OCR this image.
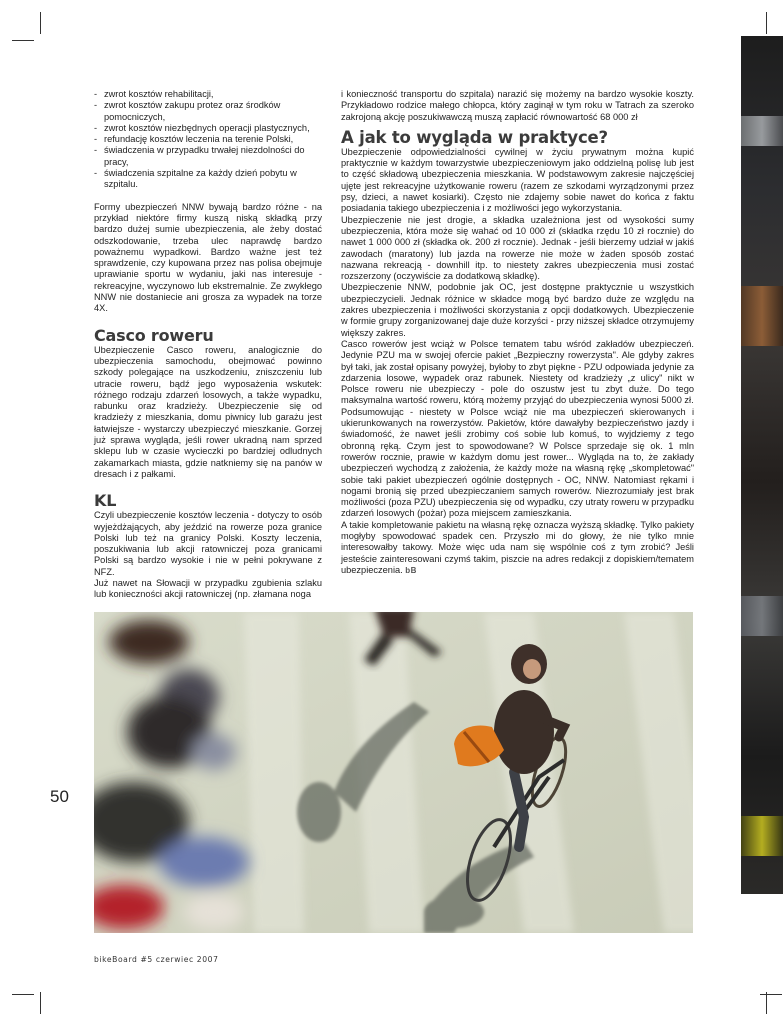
- zwrot kosztów rehabilitacji,
- zwrot kosztów zakupu protez oraz środków pomocniczych,
- zwrot kosztów niezbędnych operacji plastycznych,
- refundację kosztów leczenia na terenie Polski,
- świadczenia w przypadku trwałej niezdolności do pracy,
- świadczenia szpitalne za każdy dzień pobytu w szpitalu.

Formy ubezpieczeń NNW bywają bardzo różne - na przykład niektóre firmy kuszą niską składką przy bardzo dużej sumie ubezpieczenia, ale żeby dostać odszkodowanie, trzeba ulec naprawdę bardzo poważnemu wypadkowi. Bardzo ważne jest też sprawdzenie, czy kupowana przez nas polisa obejmuje uprawianie sportu w wydaniu, jaki nas interesuje - rekreacyjne, wyczynowo lub ekstremalnie. Ze zwykłego NNW nie dostaniecie ani grosza za wypadek na torze 4X.

Casco roweru

Ubezpieczenie Casco roweru, analogicznie do ubezpieczenia samochodu, obejmować powinno szkody polegające na uszkodzeniu, zniszczeniu lub utracie roweru, bądź jego wyposażenia wskutek: różnego rodzaju zdarzeń losowych, a także wypadku, rabunku oraz kradzieży. Ubezpieczenie się od kradzieży z mieszkania, domu piwnicy lub garażu jest łatwiejsze - wystarczy ubezpieczyć mieszkanie. Gorzej już sprawa wygląda, jeśli rower ukradną nam sprzed sklepu lub w czasie wycieczki po bardziej odludnych zakamarkach miasta, gdzie natkniemy się na panów w dresach i z pałkami.

KL

Czyli ubezpieczenie kosztów leczenia - dotyczy to osób wyjeżdżających, aby jeździć na rowerze poza granice Polski lub też na granicy Polski. Koszty leczenia, poszukiwania lub akcji ratowniczej poza granicami Polski są bardzo wysokie i nie w pełni pokrywane z NFZ.

Już nawet na Słowacji w przypadku zgubienia szlaku lub konieczności akcji ratowniczej (np. złamana noga

i konieczność transportu do szpitala) narazić się możemy na bardzo wysokie koszty. Przykładowo rodzice małego chłopca, który zaginął w tym roku w Tatrach za szeroko zakrojoną akcję poszukiwawczą muszą zapłacić równowartość 68 000 zł

A jak to wygląda w praktyce?

Ubezpieczenie odpowiedzialności cywilnej w życiu prywatnym można kupić praktycznie w każdym towarzystwie ubezpieczeniowym jako oddzielną polisę lub jest to część składową ubezpieczenia mieszkania. W podstawowym zakresie najczęściej ujęte jest rekreacyjne użytkowanie roweru (razem ze szkodami wyrządzonymi przez psy, dzieci, a nawet kosiarki). Często nie zdajemy sobie nawet do końca z faktu posiadania takiego ubezpieczenia i z możliwości jego wykorzystania.

Ubezpieczenie nie jest drogie, a składka uzależniona jest od wysokości sumy ubezpieczenia, która może się wahać od 10 000 zł (składka rzędu 10 zł rocznie) do nawet 1 000 000 zł (składka ok. 200 zł rocznie). Jednak - jeśli bierzemy udział w jakiś zawodach (maratony) lub jazda na rowerze nie może w żaden sposób zostać nazwana rekreacją - downhill itp. to niestety zakres ubezpieczenia musi zostać rozszerzony (oczywiście za dodatkową składkę).

Ubezpieczenie NNW, podobnie jak OC, jest dostępne praktycznie u wszystkich ubezpieczycieli. Jednak różnice w składce mogą być bardzo duże ze względu na zakres ubezpieczenia i możliwości skorzystania z opcji dodatkowych. Ubezpieczenie w formie grupy zorganizowanej daje duże korzyści - przy niższej składce otrzymujemy większy zakres.

Casco rowerów jest wciąż w Polsce tematem tabu wśród zakładów ubezpieczeń. Jedynie PZU ma w swojej ofercie pakiet „Bezpieczny rowerzysta". Ale gdyby zakres był taki, jak został opisany powyżej, byłoby to zbyt piękne - PZU odpowiada jedynie za zdarzenia losowe, wypadek oraz rabunek. Niestety od kradzieży „z ulicy" nikt w Polsce roweru nie ubezpieczy - pole do oszustw jest tu zbyt duże. Do tego maksymalna wartość roweru, którą możemy przyjąć do ubezpieczenia wynosi 5000 zł.

Podsumowując - niestety w Polsce wciąż nie ma ubezpieczeń skierowanych i ukierunkowanych na rowerzystów. Pakietów, które dawałyby bezpieczeństwo jazdy i świadomość, że nawet jeśli zrobimy coś sobie lub komuś, to wyjdziemy z tego obronną ręką. Czym jest to spowodowane? W Polsce sprzedaje się ok. 1 mln rowerów rocznie, prawie w każdym domu jest rower... Wygląda na to, że zakłady ubezpieczeń wychodzą z założenia, że każdy może na własną rękę „skompletować" sobie taki pakiet ubezpieczeń ogólnie dostępnych - OC, NNW. Natomiast rękami i nogami bronią się przed ubezpieczaniem samych rowerów. Niezrozumiały jest brak możliwości (poza PZU) ubezpieczenia się od wypadku, czy utraty roweru w przypadku zdarzeń losowych (pożar) poza miejscem zamieszkania.

A takie kompletowanie pakietu na własną rękę oznacza wyższą składkę. Tylko pakiety mogłyby spowodować spadek cen. Przyszło mi do głowy, że nie tylko mnie interesowałby takowy. Może więc uda nam się wspólnie coś z tym zrobić? Jeśli jesteście zainteresowani czymś takim, piszcie na adres redakcji z dopiskiem/tematem ubezpieczenia. bB

50
bikeBoard #5 czerwiec 2007
